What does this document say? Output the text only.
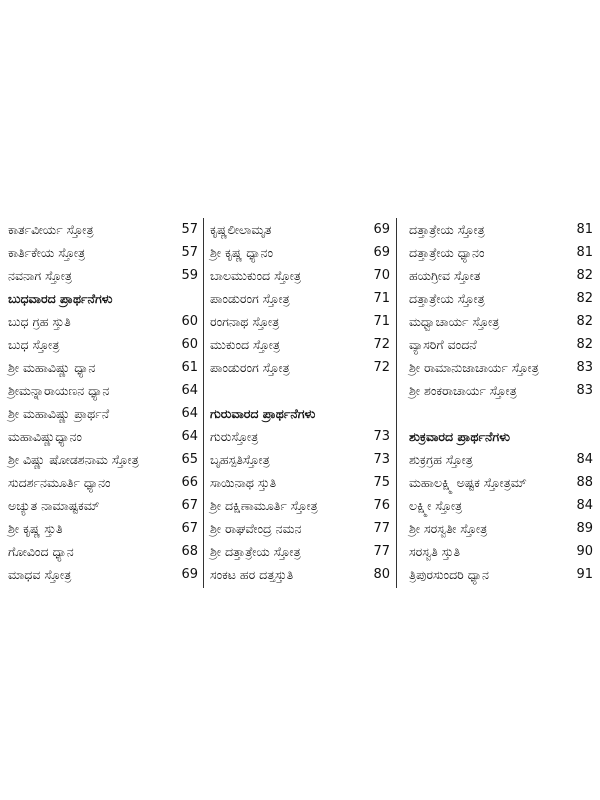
ಕಾರ್ತವೀರ್ಯ ಸ್ತೋತ್ರ	57
ಕಾರ್ತಿಕೇಯ ಸ್ತೋತ್ರ	57
ನವನಾಗ ಸ್ತೋತ್ರ	59
ಬುಧವಾರದ ಪ್ರಾರ್ಥನೆಗಳು
ಬುಧ ಗ್ರಹ ಸ್ತುತಿ	60
ಬುಧ ಸ್ತೋತ್ರ	60
ಶ್ರೀ ಮಹಾವಿಷ್ಣು ಧ್ಯಾನ	61
ಶ್ರೀಮನ್ನಾರಾಯಣನ ಧ್ಯಾನ	64
ಶ್ರೀ ಮಹಾವಿಷ್ಣು ಪ್ರಾರ್ಥನೆ	64
ಮಹಾವಿಷ್ಣುಧ್ಯಾನಂ	64
ಶ್ರೀ ವಿಷ್ಣು ಷೋಡಶನಾಮ ಸ್ತೋತ್ರ	65
ಸುದರ್ಶನಮೂರ್ತಿ ಧ್ಯಾನಂ	66
ಅಚ್ಯುತ ನಾಮಾಷ್ಟಕಮ್	67
ಶ್ರೀ ಕೃಷ್ಣ ಸ್ತುತಿ	67
ಗೋವಿಂದ ಧ್ಯಾನ	68
ಮಾಧವ ಸ್ತೋತ್ರ	69
ಕೃಷ್ಣಲೀಲಾಮೃತ	69
ಶ್ರೀ ಕೃಷ್ಣ ಧ್ಯಾನಂ	69
ಬಾಲಮುಕುಂದ ಸ್ತೋತ್ರ	70
ಪಾಂಡುರಂಗ ಸ್ತೋತ್ರ	71
ರಂಗನಾಥ ಸ್ತೋತ್ರ	71
ಮುಕುಂದ ಸ್ತೋತ್ರ	72
ಪಾಂಡುರಂಗ ಸ್ತೋತ್ರ	72
ಗುರುವಾರದ ಪ್ರಾರ್ಥನೆಗಳು
ಗುರುಸ್ತೋತ್ರ	73
ಬೃಹಸ್ಪತಿಸ್ತೋತ್ರ	73
ಸಾಯಿನಾಥ ಸ್ತುತಿ	75
ಶ್ರೀ ದಕ್ಷಿಣಾಮೂರ್ತಿ ಸ್ತೋತ್ರ	76
ಶ್ರೀ ರಾಘವೇಂದ್ರ ನಮನ	77
ಶ್ರೀ ದತ್ತಾತ್ರೇಯ ಸ್ತೋತ್ರ	77
ಸಂಕಟ ಹರ ದತ್ತಸ್ತುತಿ	80
ದತ್ತಾತ್ರೇಯ ಸ್ತೋತ್ರ	81
ದತ್ತಾತ್ರೇಯ ಧ್ಯಾನಂ	81
ಹಯಗ್ರೀವ ಸ್ತೋತ	82
ದತ್ತಾತ್ರೇಯ ಸ್ತೋತ್ರ	82
ಮಧ್ವಾಚಾರ್ಯ ಸ್ತೋತ್ರ	82
ವ್ಯಾಸರಿಗೆ ವಂದನೆ	82
ಶ್ರೀ ರಾಮಾನುಜಾಚಾರ್ಯ ಸ್ತೋತ್ರ	83
ಶ್ರೀ ಶಂಕರಾಚಾರ್ಯ ಸ್ತೋತ್ರ	83
ಶುಕ್ರವಾರದ ಪ್ರಾರ್ಥನೆಗಳು
ಶುಕ್ರಗ್ರಹ ಸ್ತೋತ್ರ	84
ಮಹಾಲಕ್ಷ್ಮಿ ಅಷ್ಟಕ ಸ್ತೋತ್ರಮ್	88
ಲಕ್ಷ್ಮೀ ಸ್ತೋತ್ರ	84
ಶ್ರೀ ಸರಸ್ವತೀ ಸ್ತೋತ್ರ	89
ಸರಸ್ವತಿ ಸ್ತುತಿ	90
ತ್ರಿಪುರಸುಂದರಿ ಧ್ಯಾನ	91
